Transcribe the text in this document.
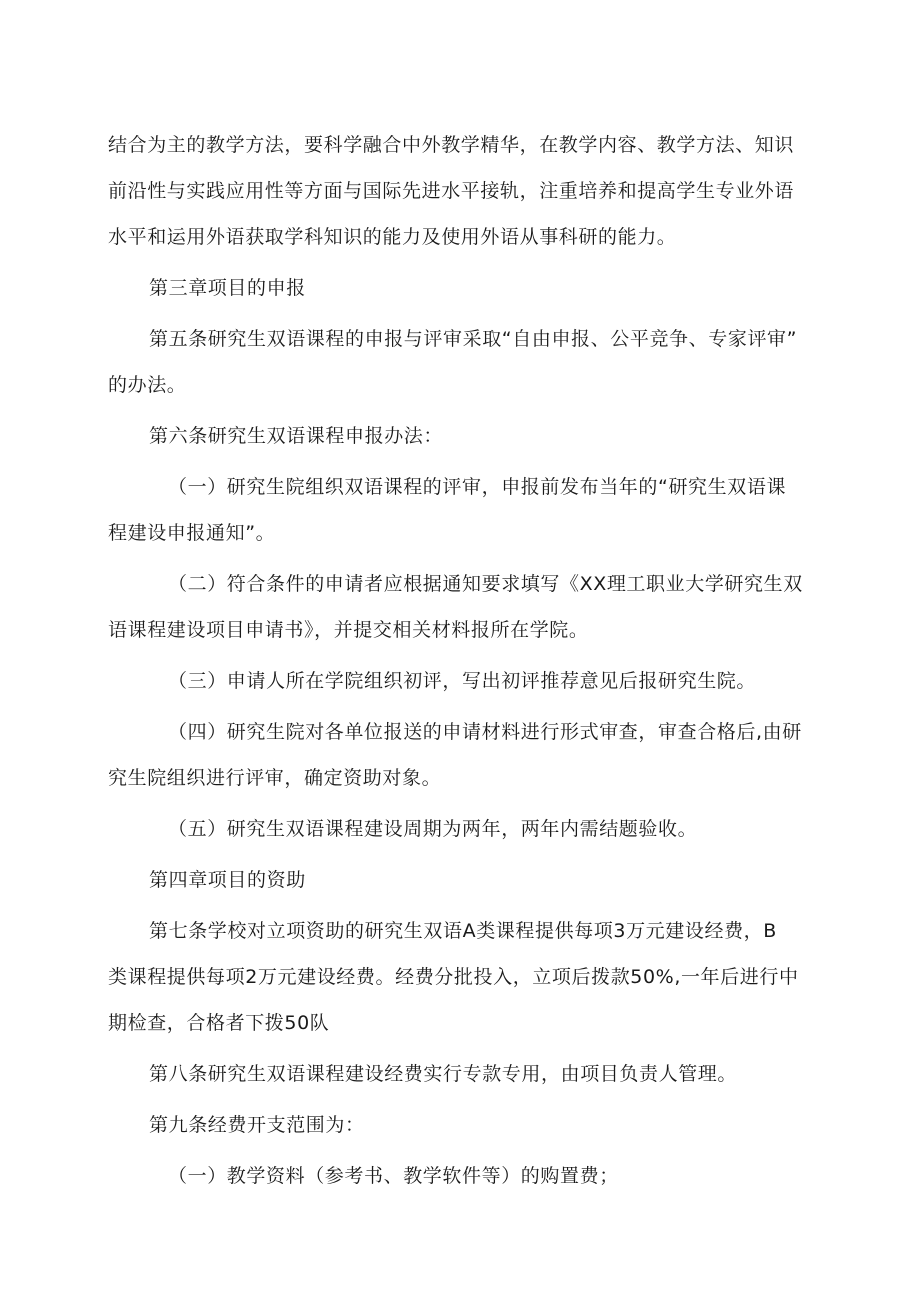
结合为主的教学方法，要科学融合中外教学精华，在教学内容、教学方法、知识
前沿性与实践应用性等方面与国际先进水平接轨，注重培养和提高学生专业外语
水平和运用外语获取学科知识的能力及使用外语从事科研的能力。
第三章项目的申报
第五条研究生双语课程的申报与评审采取“自由申报、公平竞争、专家评审”
的办法。
第六条研究生双语课程申报办法：
（一）研究生院组织双语课程的评审，申报前发布当年的“研究生双语课
程建设申报通知”。
（二）符合条件的申请者应根据通知要求填写《XX理工职业大学研究生双
语课程建设项目申请书》，并提交相关材料报所在学院。
（三）申请人所在学院组织初评，写出初评推荐意见后报研究生院。
（四）研究生院对各单位报送的申请材料进行形式审查，审查合格后,由研
究生院组织进行评审，确定资助对象。
（五）研究生双语课程建设周期为两年，两年内需结题验收。
第四章项目的资助
第七条学校对立项资助的研究生双语A类课程提供每项3万元建设经费，B
类课程提供每项2万元建设经费。经费分批投入，立项后拨款50%,一年后进行中
期检查，合格者下拨50队
第八条研究生双语课程建设经费实行专款专用，由项目负责人管理。
第九条经费开支范围为：
（一）教学资料（参考书、教学软件等）的购置费；
